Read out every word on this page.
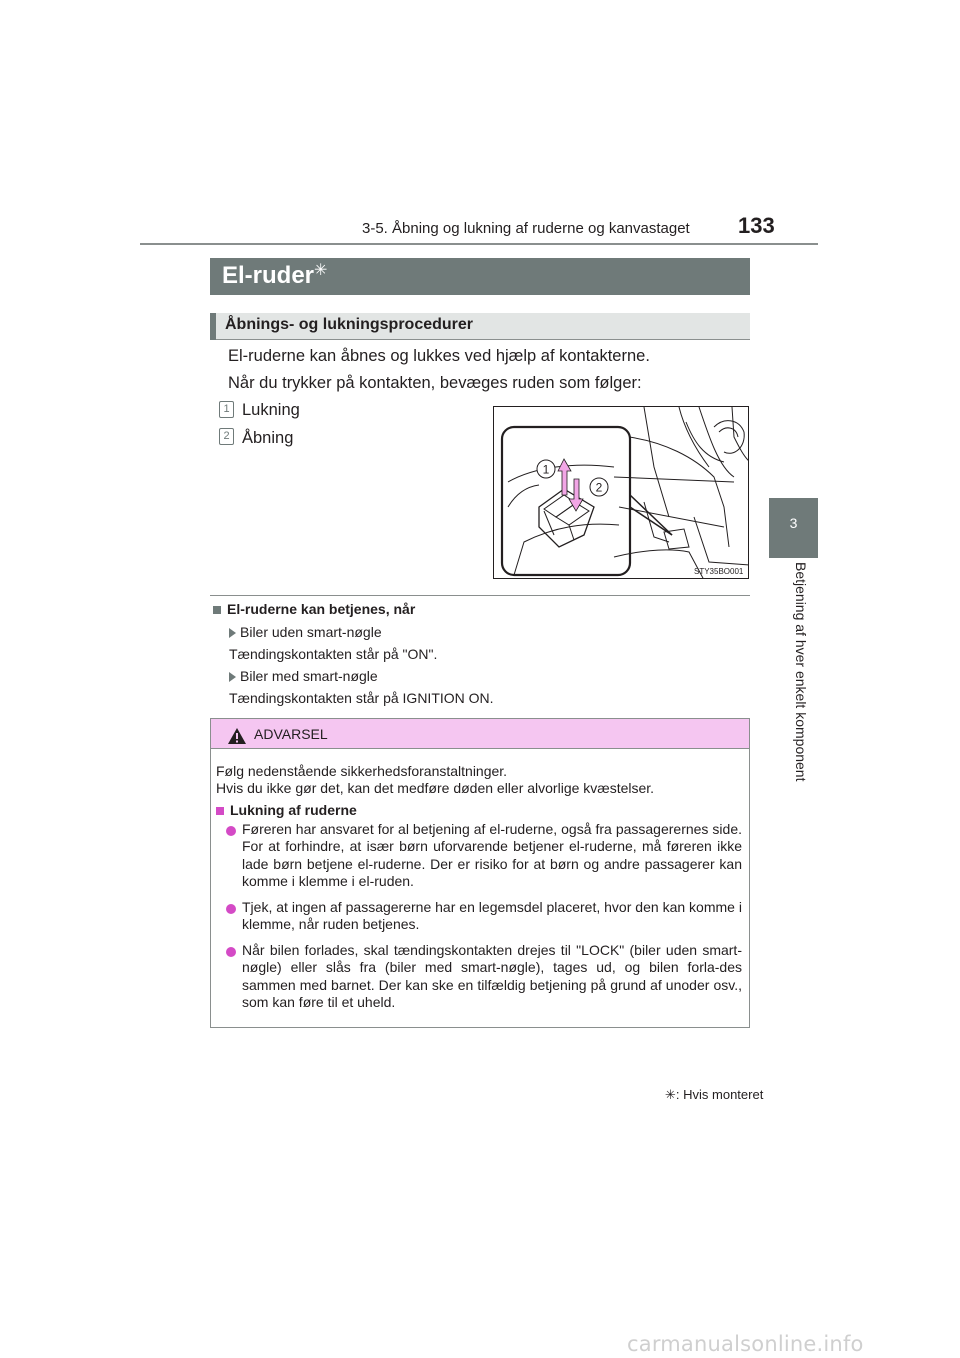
3-5. Åbning og lukning af ruderne og kanvastaget 133
3
Betjening af hver enkelt komponent
El-ruder✳
Åbnings- og lukningsprocedurer
El-ruderne kan åbnes og lukkes ved hjælp af kontakterne.
Når du trykker på kontakten, bevæges ruden som følger:
1 Lukning
2 Åbning
1
2
STY35BO001
El-ruderne kan betjenes, når
Biler uden smart-nøgle
Tændingskontakten står på "ON".
Biler med smart-nøgle
Tændingskontakten står på IGNITION ON.
ADVARSEL
Følg nedenstående sikkerhedsforanstaltninger.
Hvis du ikke gør det, kan det medføre døden eller alvorlige kvæstelser.
Lukning af ruderne
Føreren har ansvaret for al betjening af el-ruderne, også fra passagerernes side. For at forhindre, at især børn uforvarende betjener el-ruderne, må føreren ikke lade børn betjene el-ruderne. Der er risiko for at børn og andre passagerer kan komme i klemme i el-ruden.
Tjek, at ingen af passagererne har en legemsdel placeret, hvor den kan komme i klemme, når ruden betjenes.
Når bilen forlades, skal tændingskontakten drejes til "LOCK" (biler uden smart-nøgle) eller slås fra (biler med smart-nøgle), tages ud, og bilen forla-des sammen med barnet. Der kan ske en tilfældig betjening på grund af unoder osv., som kan føre til et uheld.
✳: Hvis monteret
carmanualsonline.info
